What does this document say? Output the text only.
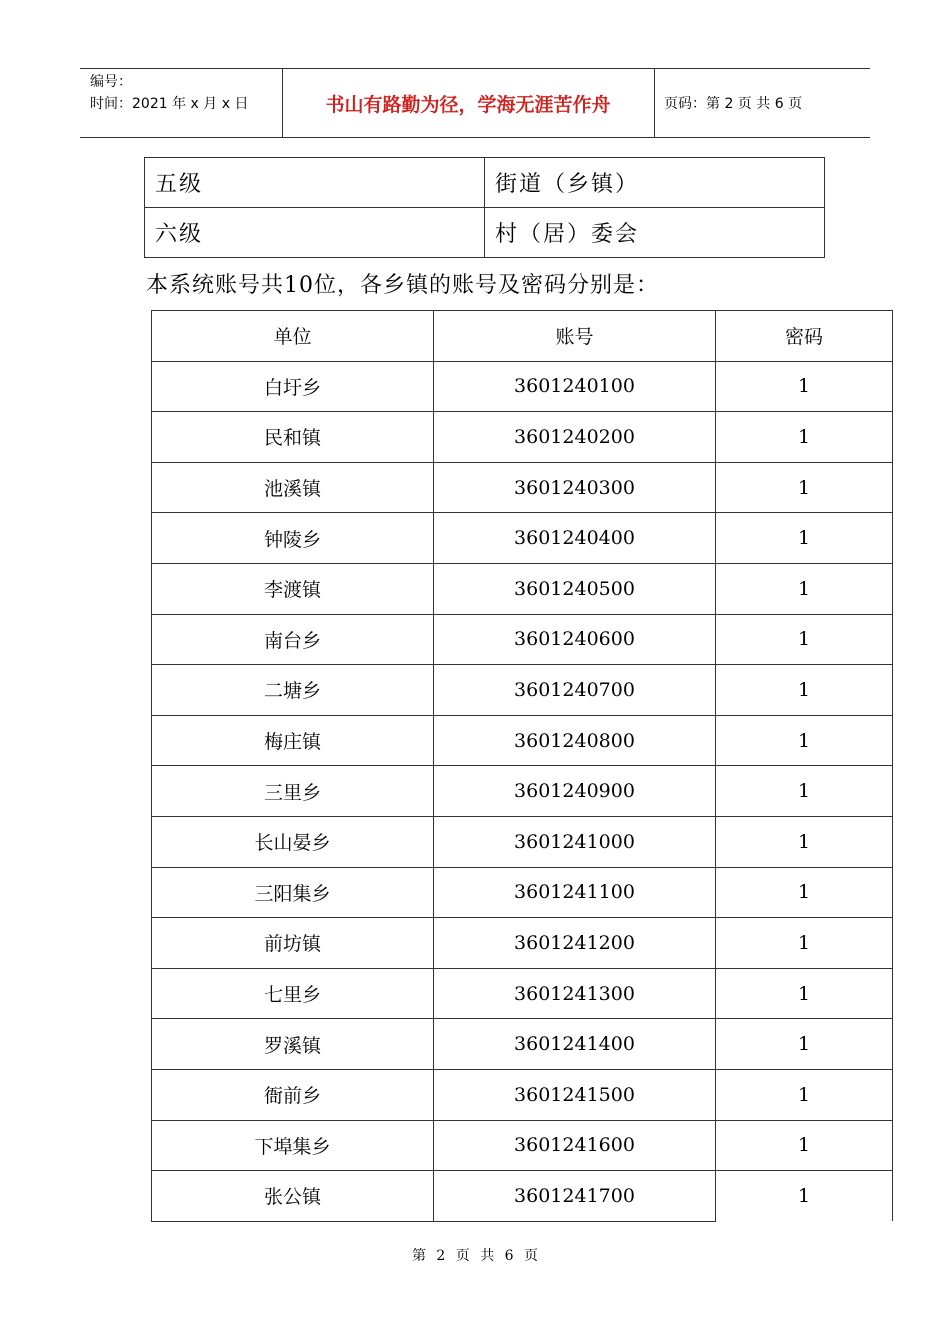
编号：
时间：2021 年 x 月 x 日	书山有路勤为径，学海无涯苦作舟	页码：第 2 页 共 6 页
五级	街道（乡镇）
六级	村（居）委会
本系统账号共10位，各乡镇的账号及密码分别是：
单位	账号	密码
白圩乡	3601240100	1
民和镇	3601240200	1
池溪镇	3601240300	1
钟陵乡	3601240400	1
李渡镇	3601240500	1
南台乡	3601240600	1
二塘乡	3601240700	1
梅庄镇	3601240800	1
三里乡	3601240900	1
长山晏乡	3601241000	1
三阳集乡	3601241100	1
前坊镇	3601241200	1
七里乡	3601241300	1
罗溪镇	3601241400	1
衙前乡	3601241500	1
下埠集乡	3601241600	1
张公镇	3601241700	1
第 2 页 共 6 页
